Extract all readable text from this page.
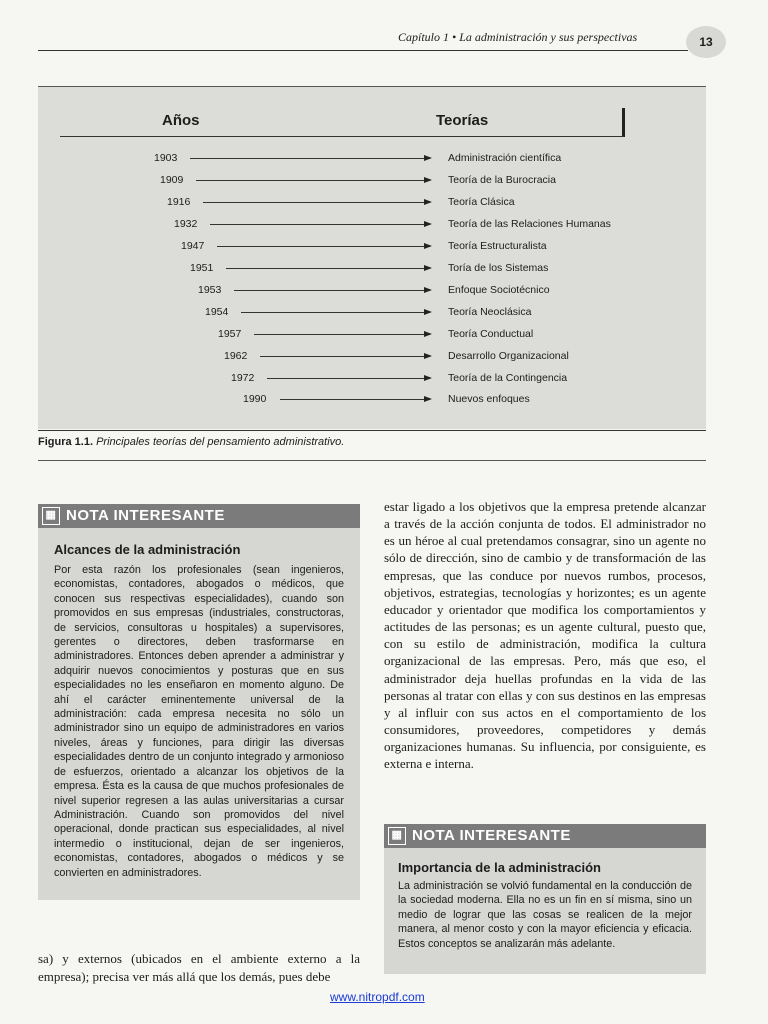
Capítulo 1 • La administración y sus perspectivas	13
Años	Teorías
1903	Administración científica
1909	Teoría de la Burocracia
1916	Teoría Clásica
1932	Teoría de las Relaciones Humanas
1947	Teoría Estructuralista
1951	Toría de los Sistemas
1953	Enfoque Sociotécnico
1954	Teoría Neoclásica
1957	Teoría Conductual
1962	Desarrollo Organizacional
1972	Teoría de la Contingencia
1990	Nuevos enfoques
Figura 1.1. Principales teorías del pensamiento administrativo.
▦ NOTA INTERESANTE
Alcances de la administración
Por esta razón los profesionales (sean ingenieros, economistas, contadores, abogados o médicos, que conocen sus respectivas especialidades), cuando son promovidos en sus empresas (industriales, constructoras, de servicios, consultoras u hospitales) a supervisores, gerentes o directores, deben trasformarse en administradores. Entonces deben aprender a administrar y adquirir nuevos conocimientos y posturas que en sus especialidades no les enseñaron en momento alguno. De ahí el carácter eminentemente universal de la administración: cada empresa necesita no sólo un administrador sino un equipo de administradores en varios niveles, áreas y funciones, para dirigir las diversas especialidades dentro de un conjunto integrado y armonioso de esfuerzos, orientado a alcanzar los objetivos de la empresa. Ésta es la causa de que muchos profesionales de nivel superior regresen a las aulas universitarias a cursar Administración. Cuando son promovidos del nivel operacional, donde practican sus especialidades, al nivel intermedio o institucional, dejan de ser ingenieros, economistas, contadores, abogados o médicos y se convierten en administradores.
estar ligado a los objetivos que la empresa pretende alcanzar a través de la acción conjunta de todos. El administrador no es un héroe al cual pretendamos consagrar, sino un agente no sólo de dirección, sino de cambio y de transformación de las empresas, que las conduce por nuevos rumbos, procesos, objetivos, estrategias, tecnologías y horizontes; es un agente educador y orientador que modifica los comportamientos y actitudes de las personas; es un agente cultural, puesto que, con su estilo de administración, modifica la cultura organizacional de las empresas. Pero, más que eso, el administrador deja huellas profundas en la vida de las personas al tratar con ellas y con sus destinos en las empresas y al influir con sus actos en el comportamiento de los consumidores, proveedores, competidores y demás organizaciones humanas. Su influencia, por consiguiente, es externa e interna.
▦ NOTA INTERESANTE
Importancia de la administración
La administración se volvió fundamental en la conducción de la sociedad moderna. Ella no es un fin en sí misma, sino un medio de lograr que las cosas se realicen de la mejor manera, al menor costo y con la mayor eficiencia y eficacia. Estos conceptos se analizarán más adelante.
sa) y externos (ubicados en el ambiente externo a la empresa); precisa ver más allá que los demás, pues debe
www.nitropdf.com
